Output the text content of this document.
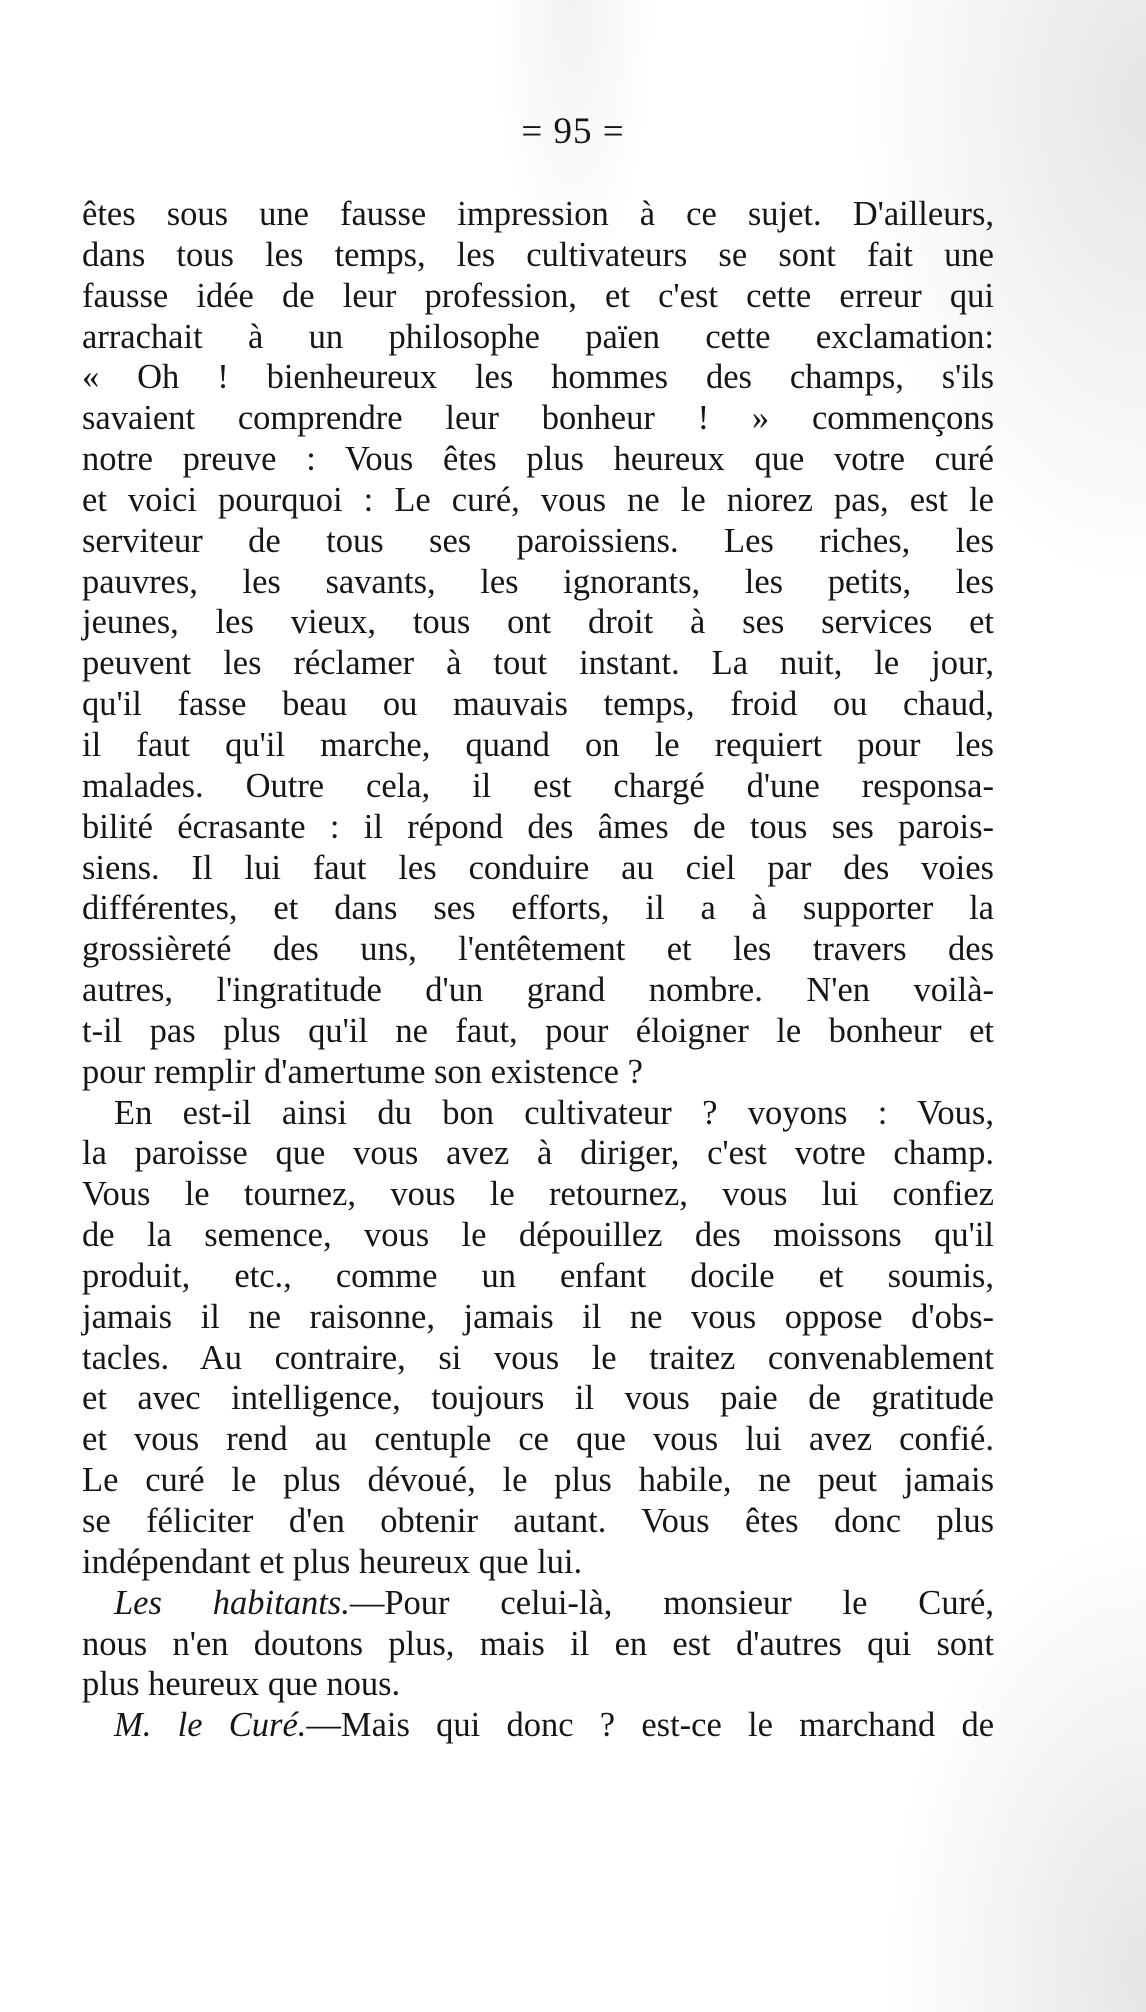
= 95 =
êtes sous une fausse impression à ce sujet. D'ailleurs,
dans tous les temps, les cultivateurs se sont fait une
fausse idée de leur profession, et c'est cette erreur qui
arrachait à un philosophe païen cette exclamation:
« Oh ! bienheureux les hommes des champs, s'ils
savaient comprendre leur bonheur ! » commençons
notre preuve : Vous êtes plus heureux que votre curé
et voici pourquoi : Le curé, vous ne le niorez pas, est le
serviteur de tous ses paroissiens. Les riches, les
pauvres, les savants, les ignorants, les petits, les
jeunes, les vieux, tous ont droit à ses services et
peuvent les réclamer à tout instant. La nuit, le jour,
qu'il fasse beau ou mauvais temps, froid ou chaud,
il faut qu'il marche, quand on le requiert pour les
malades. Outre cela, il est chargé d'une responsa-
bilité écrasante : il répond des âmes de tous ses parois-
siens. Il lui faut les conduire au ciel par des voies
différentes, et dans ses efforts, il a à supporter la
grossièreté des uns, l'entêtement et les travers des
autres, l'ingratitude d'un grand nombre. N'en voilà-
t-il pas plus qu'il ne faut, pour éloigner le bonheur et
pour remplir d'amertume son existence ?
En est-il ainsi du bon cultivateur ? voyons : Vous,
la paroisse que vous avez à diriger, c'est votre champ.
Vous le tournez, vous le retournez, vous lui confiez
de la semence, vous le dépouillez des moissons qu'il
produit, etc., comme un enfant docile et soumis,
jamais il ne raisonne, jamais il ne vous oppose d'obs-
tacles. Au contraire, si vous le traitez convenablement
et avec intelligence, toujours il vous paie de gratitude
et vous rend au centuple ce que vous lui avez confié.
Le curé le plus dévoué, le plus habile, ne peut jamais
se féliciter d'en obtenir autant. Vous êtes donc plus
indépendant et plus heureux que lui.
Les habitants.—Pour celui-là, monsieur le Curé,
nous n'en doutons plus, mais il en est d'autres qui sont
plus heureux que nous.
M. le Curé.—Mais qui donc ? est-ce le marchand de
